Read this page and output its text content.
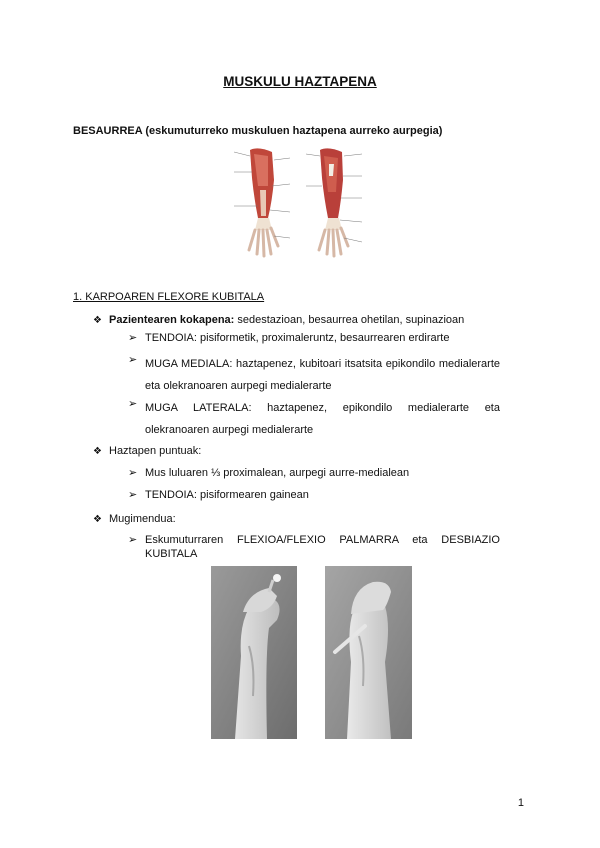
MUSKULU HAZTAPENA
BESAURREA (eskumuturreko muskuluen haztapena aurreko aurpegia)
1. KARPOAREN FLEXORE KUBITALA
❖ Pazientearen kokapena: sedestazioan, besaurrea ohetilan, supinazioan
➢ TENDOIA: pisiformetik, proximaleruntz, besaurrearen erdirarte
➢ MUGA MEDIALA: haztapenez, kubitoari itsatsita epikondilo medialerarte eta olekranoaren aurpegi medialerarte
➢ MUGA LATERALA: haztapenez, epikondilo medialerarte eta olekranoaren aurpegi medialerarte
❖ Haztapen puntuak:
➢ Mus luluaren ⅓ proximalean, aurpegi aurre-medialean
➢ TENDOIA: pisiformearen gainean
❖ Mugimendua:
➢ Eskumuturraren FLEXIOA/FLEXIO PALMARRA eta DESBIAZIO KUBITALA
1
